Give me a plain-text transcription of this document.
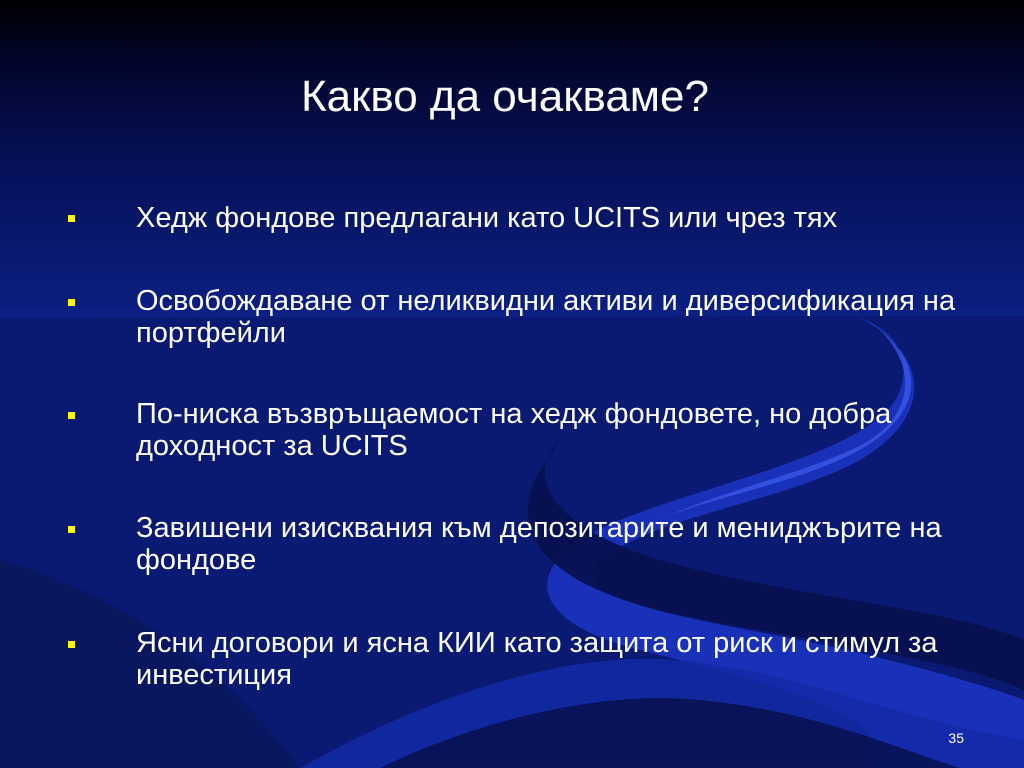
Какво да очакваме?
Хедж фондове предлагани като UCITS или чрез тях
Освобождаване от неликвидни активи и диверсификация на портфейли
По-ниска възвръщаемост на хедж фондовете, но добра доходност за UCITS
Завишени изисквания към депозитарите и мениджърите на фондове
Ясни договори и ясна КИИ като защита от риск и стимул за инвестиция
35
